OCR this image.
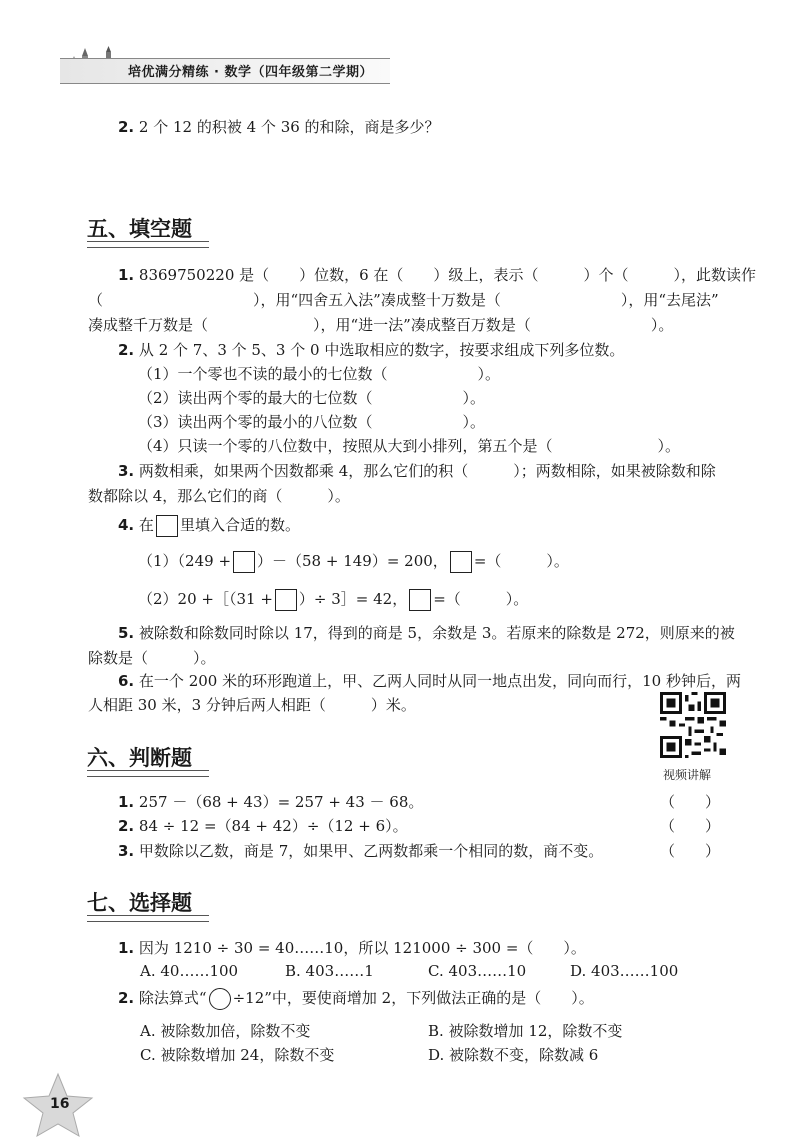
培优满分精练 · 数学（四年级第二学期）
2. 2 个 12 的积被 4 个 36 的和除，商是多少？
五、填空题
1. 8369750220 是（　　）位数，6 在（　　）级上，表示（　　　）个（　　　），此数读作
（　　　　　　　　　　），用“四舍五入法”凑成整十万数是（　　　　　　　　），用“去尾法”
凑成整千万数是（　　　　　　　），用“进一法”凑成整百万数是（　　　　　　　　）。
2. 从 2 个 7、3 个 5、3 个 0 中选取相应的数字，按要求组成下列多位数。
（1）一个零也不读的最小的七位数（　　　　　　）。
（2）读出两个零的最大的七位数（　　　　　　）。
（3）读出两个零的最小的八位数（　　　　　　）。
（4）只读一个零的八位数中，按照从大到小排列，第五个是（　　　　　　　）。
3. 两数相乘，如果两个因数都乘 4，那么它们的积（　　　）；两数相除，如果被除数和除
数都除以 4，那么它们的商（　　　）。
4. 在 里填入合适的数。
（1）（249 + ）－（58 + 149）= 200， =（　　　）。
（2）20 +［（31 + ）÷ 3］= 42， =（　　　）。
5. 被除数和除数同时除以 17，得到的商是 5，余数是 3。若原来的除数是 272，则原来的被
除数是（　　　）。
6. 在一个 200 米的环形跑道上，甲、乙两人同时从同一地点出发，同向而行，10 秒钟后，两
人相距 30 米，3 分钟后两人相距（　　　）米。
视频讲解
六、判断题
1. 257 －（68 + 43）= 257 + 43 － 68。	（　　）
2. 84 ÷ 12 =（84 + 42）÷（12 + 6）。	（　　）
3. 甲数除以乙数，商是 7，如果甲、乙两数都乘一个相同的数，商不变。	（　　）
七、选择题
1. 因为 1210 ÷ 30 = 40……10，所以 121000 ÷ 300 =（　　）。
A. 40……100	B. 403……1	C. 403……10	D. 403……100
2. 除法算式“ ÷12”中，要使商增加 2，下列做法正确的是（　　）。
A. 被除数加倍，除数不变	B. 被除数增加 12，除数不变
C. 被除数增加 24，除数不变	D. 被除数不变，除数减 6
16
